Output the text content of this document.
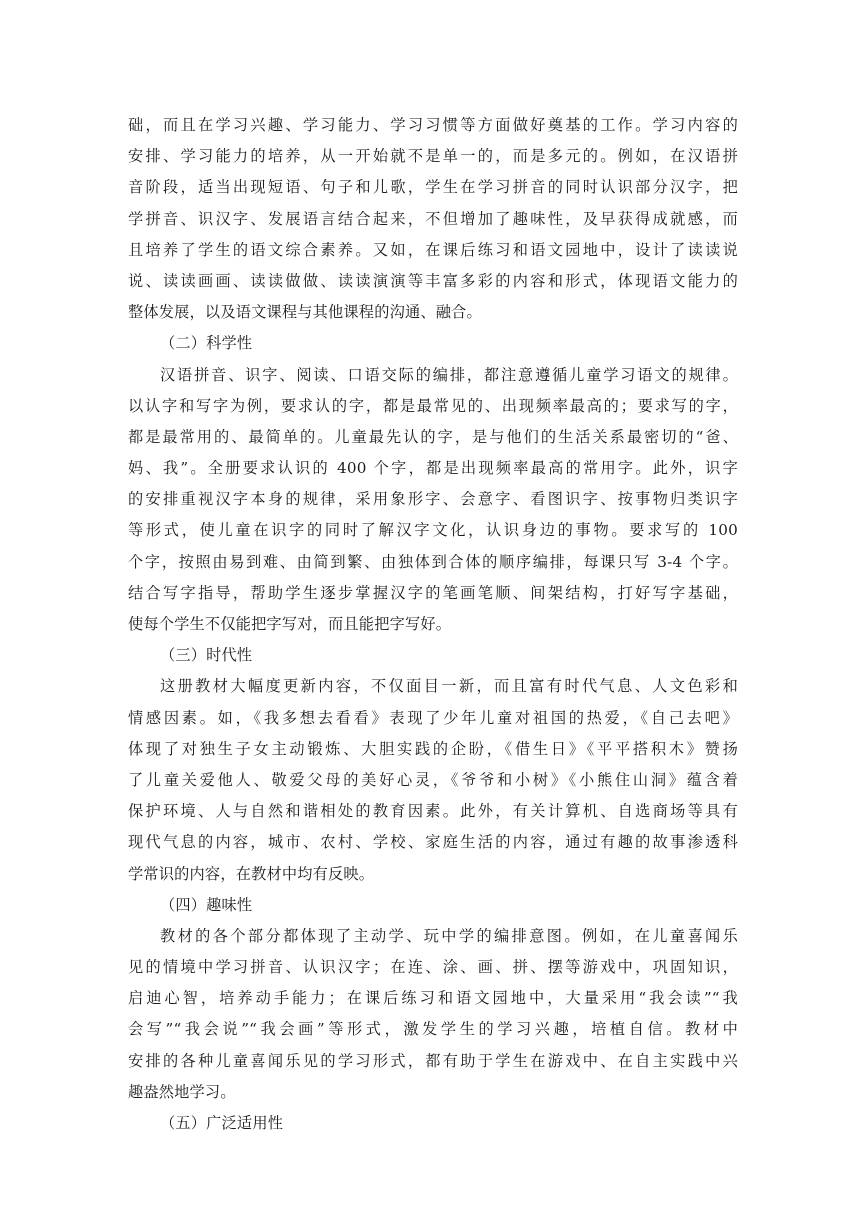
础，而且在学习兴趣、学习能力、学习习惯等方面做好奠基的工作。学习内容的
安排、学习能力的培养，从一开始就不是单一的，而是多元的。例如，在汉语拼
音阶段，适当出现短语、句子和儿歌，学生在学习拼音的同时认识部分汉字，把
学拼音、识汉字、发展语言结合起来，不但增加了趣味性，及早获得成就感，而
且培养了学生的语文综合素养。又如，在课后练习和语文园地中，设计了读读说
说、读读画画、读读做做、读读演演等丰富多彩的内容和形式，体现语文能力的
整体发展，以及语文课程与其他课程的沟通、融合。
（二）科学性
汉语拼音、识字、阅读、口语交际的编排，都注意遵循儿童学习语文的规律。
以认字和写字为例，要求认的字，都是最常见的、出现频率最高的；要求写的字，
都是最常用的、最简单的。儿童最先认的字，是与他们的生活关系最密切的“爸、
妈、我”。全册要求认识的 400 个字，都是出现频率最高的常用字。此外，识字
的安排重视汉字本身的规律，采用象形字、会意字、看图识字、按事物归类识字
等形式，使儿童在识字的同时了解汉字文化，认识身边的事物。要求写的 100
个字，按照由易到难、由简到繁、由独体到合体的顺序编排，每课只写 3-4 个字。
结合写字指导，帮助学生逐步掌握汉字的笔画笔顺、间架结构，打好写字基础，
使每个学生不仅能把字写对，而且能把字写好。
（三）时代性
这册教材大幅度更新内容，不仅面目一新，而且富有时代气息、人文色彩和
情感因素。如，《我多想去看看》表现了少年儿童对祖国的热爱，《自己去吧》
体现了对独生子女主动锻炼、大胆实践的企盼，《借生日》《平平搭积木》赞扬
了儿童关爱他人、敬爱父母的美好心灵，《爷爷和小树》《小熊住山洞》蕴含着
保护环境、人与自然和谐相处的教育因素。此外，有关计算机、自选商场等具有
现代气息的内容，城市、农村、学校、家庭生活的内容，通过有趣的故事渗透科
学常识的内容，在教材中均有反映。
（四）趣味性
教材的各个部分都体现了主动学、玩中学的编排意图。例如，在儿童喜闻乐
见的情境中学习拼音、认识汉字；在连、涂、画、拼、摆等游戏中，巩固知识，
启迪心智，培养动手能力；在课后练习和语文园地中，大量采用“我会读”“我
会写”“我会说”“我会画”等形式，激发学生的学习兴趣，培植自信。教材中
安排的各种儿童喜闻乐见的学习形式，都有助于学生在游戏中、在自主实践中兴
趣盎然地学习。
（五）广泛适用性
